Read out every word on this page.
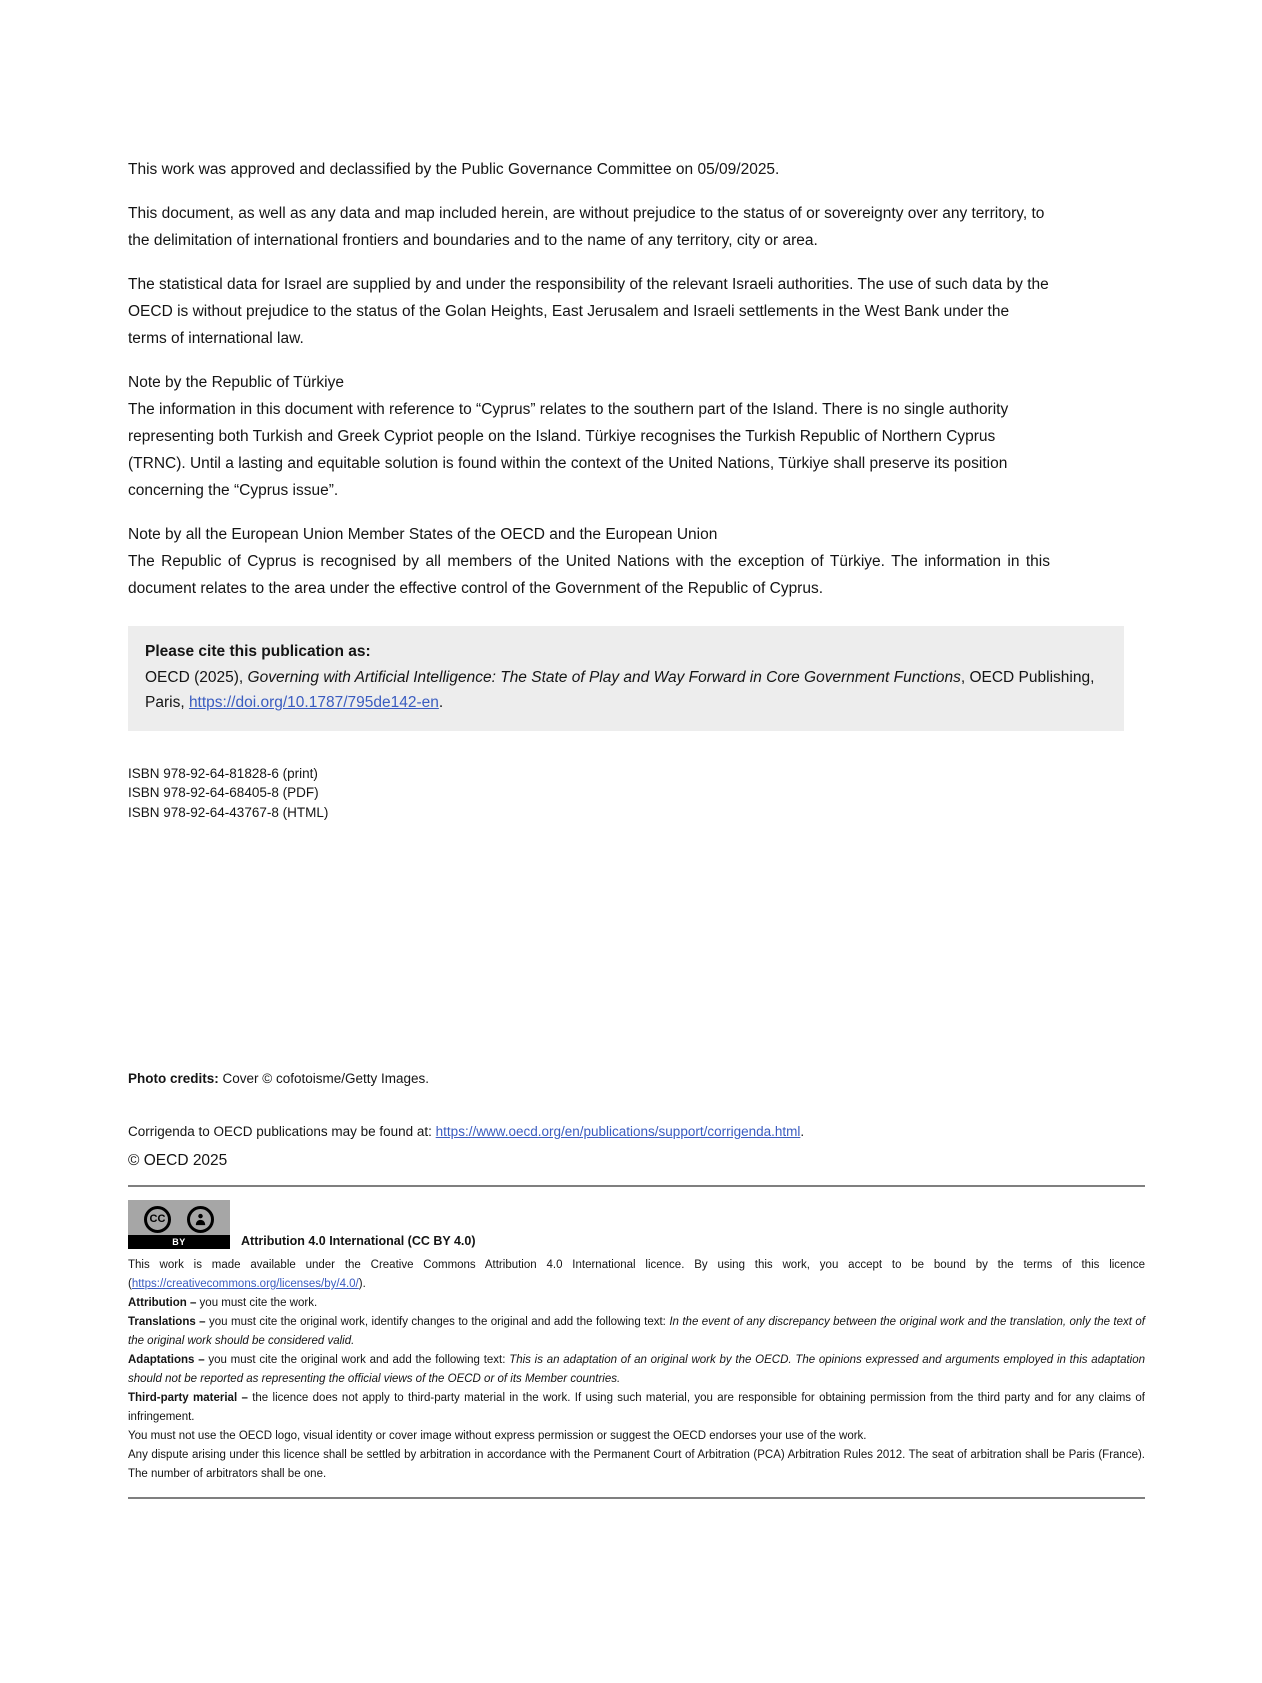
This work was approved and declassified by the Public Governance Committee on 05/09/2025.

This document, as well as any data and map included herein, are without prejudice to the status of or sovereignty over any territory, to the delimitation of international frontiers and boundaries and to the name of any territory, city or area.

The statistical data for Israel are supplied by and under the responsibility of the relevant Israeli authorities. The use of such data by the OECD is without prejudice to the status of the Golan Heights, East Jerusalem and Israeli settlements in the West Bank under the terms of international law.

Note by the Republic of Türkiye

The information in this document with reference to “Cyprus” relates to the southern part of the Island. There is no single authority representing both Turkish and Greek Cypriot people on the Island. Türkiye recognises the Turkish Republic of Northern Cyprus (TRNC). Until a lasting and equitable solution is found within the context of the United Nations, Türkiye shall preserve its position concerning the “Cyprus issue”.

Note by all the European Union Member States of the OECD and the European Union

The Republic of Cyprus is recognised by all members of the United Nations with the exception of Türkiye. The information in this document relates to the area under the effective control of the Government of the Republic of Cyprus.

Please cite this publication as:
OECD (2025), Governing with Artificial Intelligence: The State of Play and Way Forward in Core Government Functions, OECD Publishing, Paris, https://doi.org/10.1787/795de142-en.
ISBN 978-92-64-81828-6 (print)
ISBN 978-92-64-68405-8 (PDF)
ISBN 978-92-64-43767-8 (HTML)
Photo credits: Cover © cofotoisme/Getty Images.
Corrigenda to OECD publications may be found at: https://www.oecd.org/en/publications/support/corrigenda.html.
© OECD 2025
CC
BY	Attribution 4.0 International (CC BY 4.0)

This work is made available under the Creative Commons Attribution 4.0 International licence. By using this work, you accept to be bound by the terms of this licence (https://creativecommons.org/licenses/by/4.0/).

Attribution – you must cite the work.

Translations – you must cite the original work, identify changes to the original and add the following text: In the event of any discrepancy between the original work and the translation, only the text of the original work should be considered valid.

Adaptations – you must cite the original work and add the following text: This is an adaptation of an original work by the OECD. The opinions expressed and arguments employed in this adaptation should not be reported as representing the official views of the OECD or of its Member countries.

Third-party material – the licence does not apply to third-party material in the work. If using such material, you are responsible for obtaining permission from the third party and for any claims of infringement.

You must not use the OECD logo, visual identity or cover image without express permission or suggest the OECD endorses your use of the work.

Any dispute arising under this licence shall be settled by arbitration in accordance with the Permanent Court of Arbitration (PCA) Arbitration Rules 2012. The seat of arbitration shall be Paris (France). The number of arbitrators shall be one.
